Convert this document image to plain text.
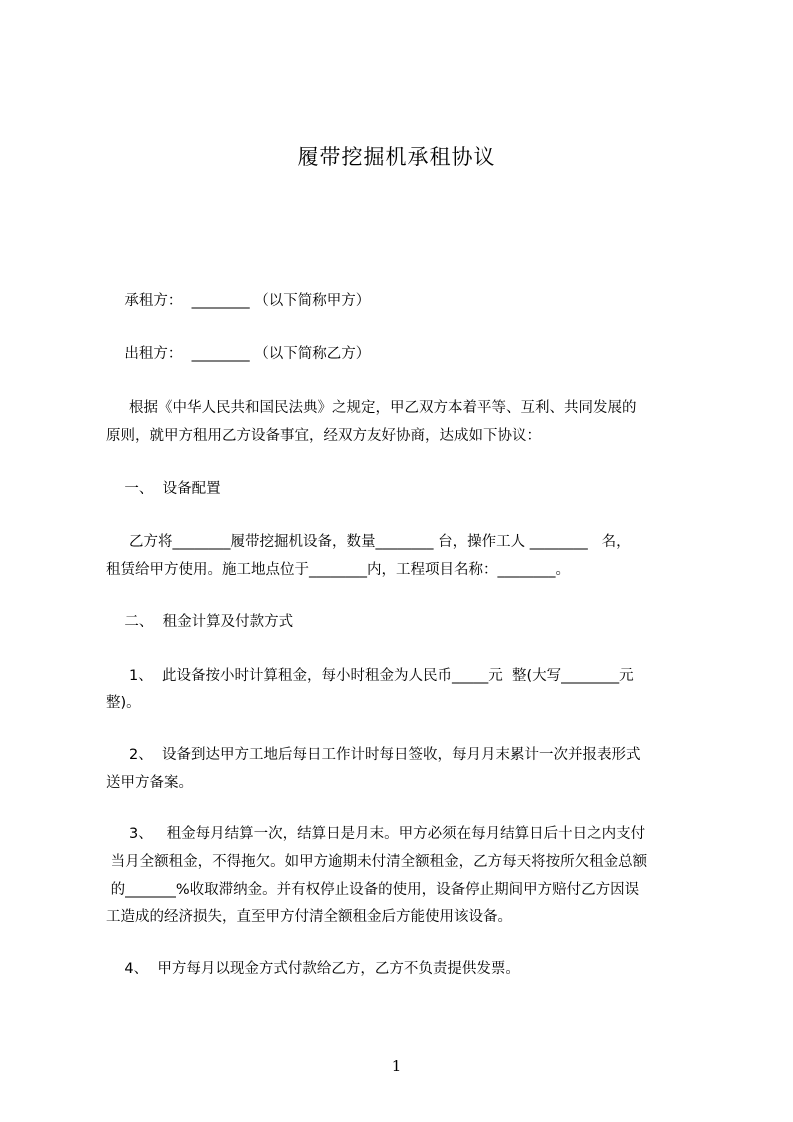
履带挖掘机承租协议
承租方：  ________ （以下简称甲方）
出租方：  ________ （以下简称乙方）
根据《中华人民共和国民法典》之规定，甲乙双方本着平等、互利、共同发展的
原则，就甲方租用乙方设备事宜，经双方友好协商，达成如下协议：
一、  设备配置
乙方将________履带挖掘机设备，数量________ 台，操作工人 ________   名，
租赁给甲方使用。施工地点位于________内，工程项目名称：________。
二、  租金计算及付款方式
1、  此设备按小时计算租金，每小时租金为人民币_____元  整(大写________元
整)。
2、  设备到达甲方工地后每日工作计时每日签收，每月月末累计一次并报表形式
送甲方备案。
3、   租金每月结算一次，结算日是月末。甲方必须在每月结算日后十日之内支付
当月全额租金，不得拖欠。如甲方逾期未付清全额租金，乙方每天将按所欠租金总额
的_______%收取滞纳金。并有权停止设备的使用，设备停止期间甲方赔付乙方因误
工造成的经济损失，直至甲方付清全额租金后方能使用该设备。
4、  甲方每月以现金方式付款给乙方，乙方不负责提供发票。
1
